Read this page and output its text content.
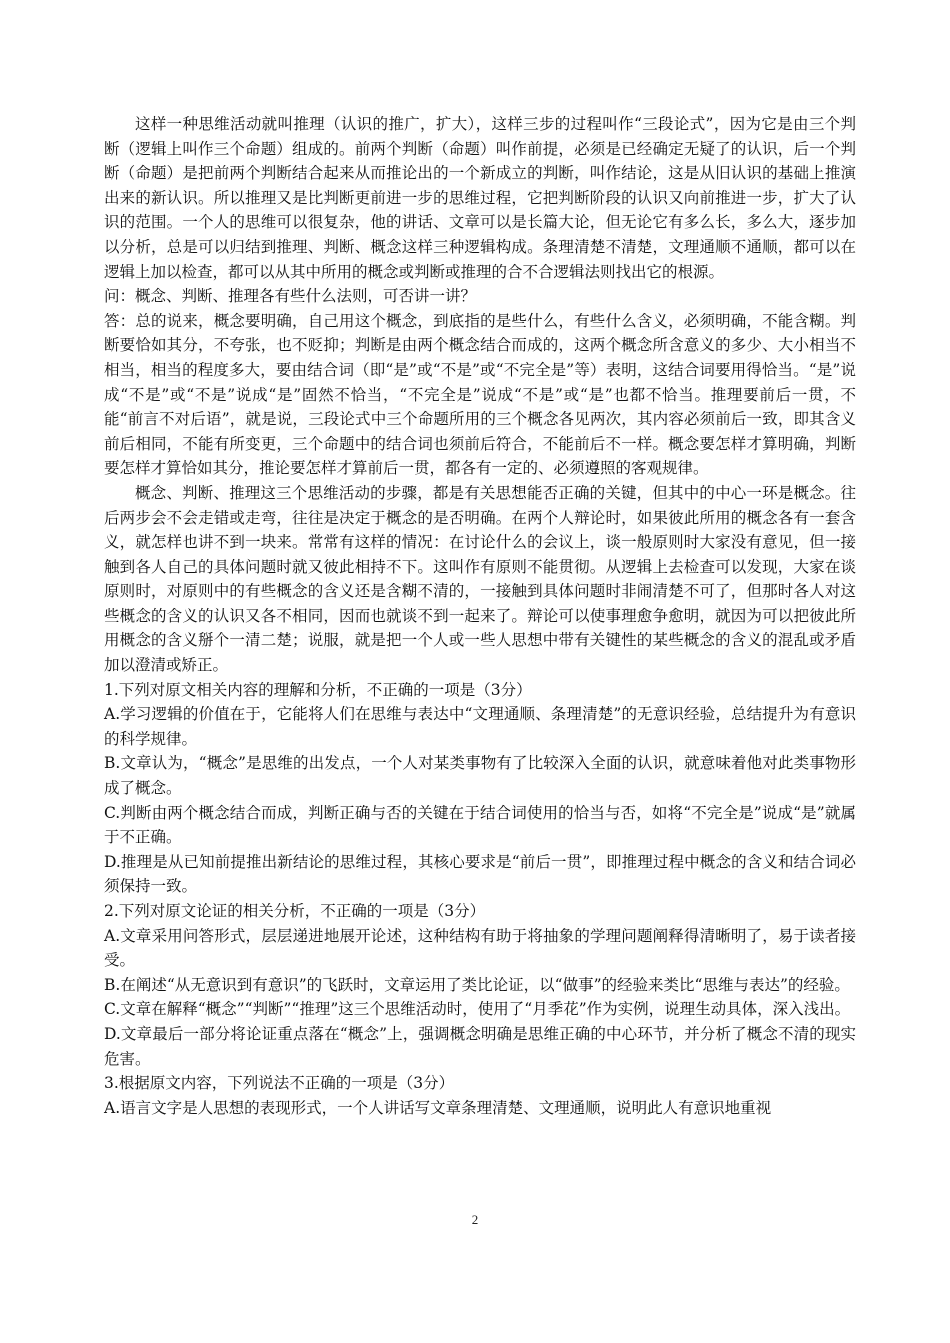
这样一种思维活动就叫推理（认识的推广，扩大），这样三步的过程叫作“三段论式”，因为它是由三个判断（逻辑上叫作三个命题）组成的。前两个判断（命题）叫作前提，必须是已经确定无疑了的认识，后一个判断（命题）是把前两个判断结合起来从而推论出的一个新成立的判断，叫作结论，这是从旧认识的基础上推演出来的新认识。所以推理又是比判断更前进一步的思维过程，它把判断阶段的认识又向前推进一步，扩大了认识的范围。一个人的思维可以很复杂，他的讲话、文章可以是长篇大论，但无论它有多么长，多么大，逐步加以分析，总是可以归结到推理、判断、概念这样三种逻辑构成。条理清楚不清楚，文理通顺不通顺，都可以在逻辑上加以检查，都可以从其中所用的概念或判断或推理的合不合逻辑法则找出它的根源。

问：概念、判断、推理各有些什么法则，可否讲一讲？

答：总的说来，概念要明确，自己用这个概念，到底指的是些什么，有些什么含义，必须明确，不能含糊。判断要恰如其分，不夸张，也不贬抑；判断是由两个概念结合而成的，这两个概念所含意义的多少、大小相当不相当，相当的程度多大，要由结合词（即“是”或“不是”或“不完全是”等）表明，这结合词要用得恰当。“是”说成“不是”或“不是”说成“是”固然不恰当，“不完全是”说成“不是”或“是”也都不恰当。推理要前后一贯，不能“前言不对后语”，就是说，三段论式中三个命题所用的三个概念各见两次，其内容必须前后一致，即其含义前后相同，不能有所变更，三个命题中的结合词也须前后符合，不能前后不一样。概念要怎样才算明确，判断要怎样才算恰如其分，推论要怎样才算前后一贯，都各有一定的、必须遵照的客观规律。

概念、判断、推理这三个思维活动的步骤，都是有关思想能否正确的关键，但其中的中心一环是概念。往后两步会不会走错或走弯，往往是决定于概念的是否明确。在两个人辩论时，如果彼此所用的概念各有一套含义，就怎样也讲不到一块来。常常有这样的情况：在讨论什么的会议上，谈一般原则时大家没有意见，但一接触到各人自己的具体问题时就又彼此相持不下。这叫作有原则不能贯彻。从逻辑上去检查可以发现，大家在谈原则时，对原则中的有些概念的含义还是含糊不清的，一接触到具体问题时非闹清楚不可了，但那时各人对这些概念的含义的认识又各不相同，因而也就谈不到一起来了。辩论可以使事理愈争愈明，就因为可以把彼此所用概念的含义掰个一清二楚；说服，就是把一个人或一些人思想中带有关键性的某些概念的含义的混乱或矛盾加以澄清或矫正。

1.下列对原文相关内容的理解和分析，不正确的一项是（3分）

A.学习逻辑的价值在于，它能将人们在思维与表达中“文理通顺、条理清楚”的无意识经验，总结提升为有意识的科学规律。

B.文章认为，“概念”是思维的出发点，一个人对某类事物有了比较深入全面的认识，就意味着他对此类事物形成了概念。

C.判断由两个概念结合而成，判断正确与否的关键在于结合词使用的恰当与否，如将“不完全是”说成“是”就属于不正确。

D.推理是从已知前提推出新结论的思维过程，其核心要求是“前后一贯”，即推理过程中概念的含义和结合词必须保持一致。

2.下列对原文论证的相关分析，不正确的一项是（3分）

A.文章采用问答形式，层层递进地展开论述，这种结构有助于将抽象的学理问题阐释得清晰明了，易于读者接受。

B.在阐述“从无意识到有意识”的飞跃时，文章运用了类比论证，以“做事”的经验来类比“思维与表达”的经验。

C.文章在解释“概念”“判断”“推理”这三个思维活动时，使用了“月季花”作为实例，说理生动具体，深入浅出。

D.文章最后一部分将论证重点落在“概念”上，强调概念明确是思维正确的中心环节，并分析了概念不清的现实危害。

3.根据原文内容，下列说法不正确的一项是（3分）

A.语言文字是人思想的表现形式，一个人讲话写文章条理清楚、文理通顺，说明此人有意识地重视

2
